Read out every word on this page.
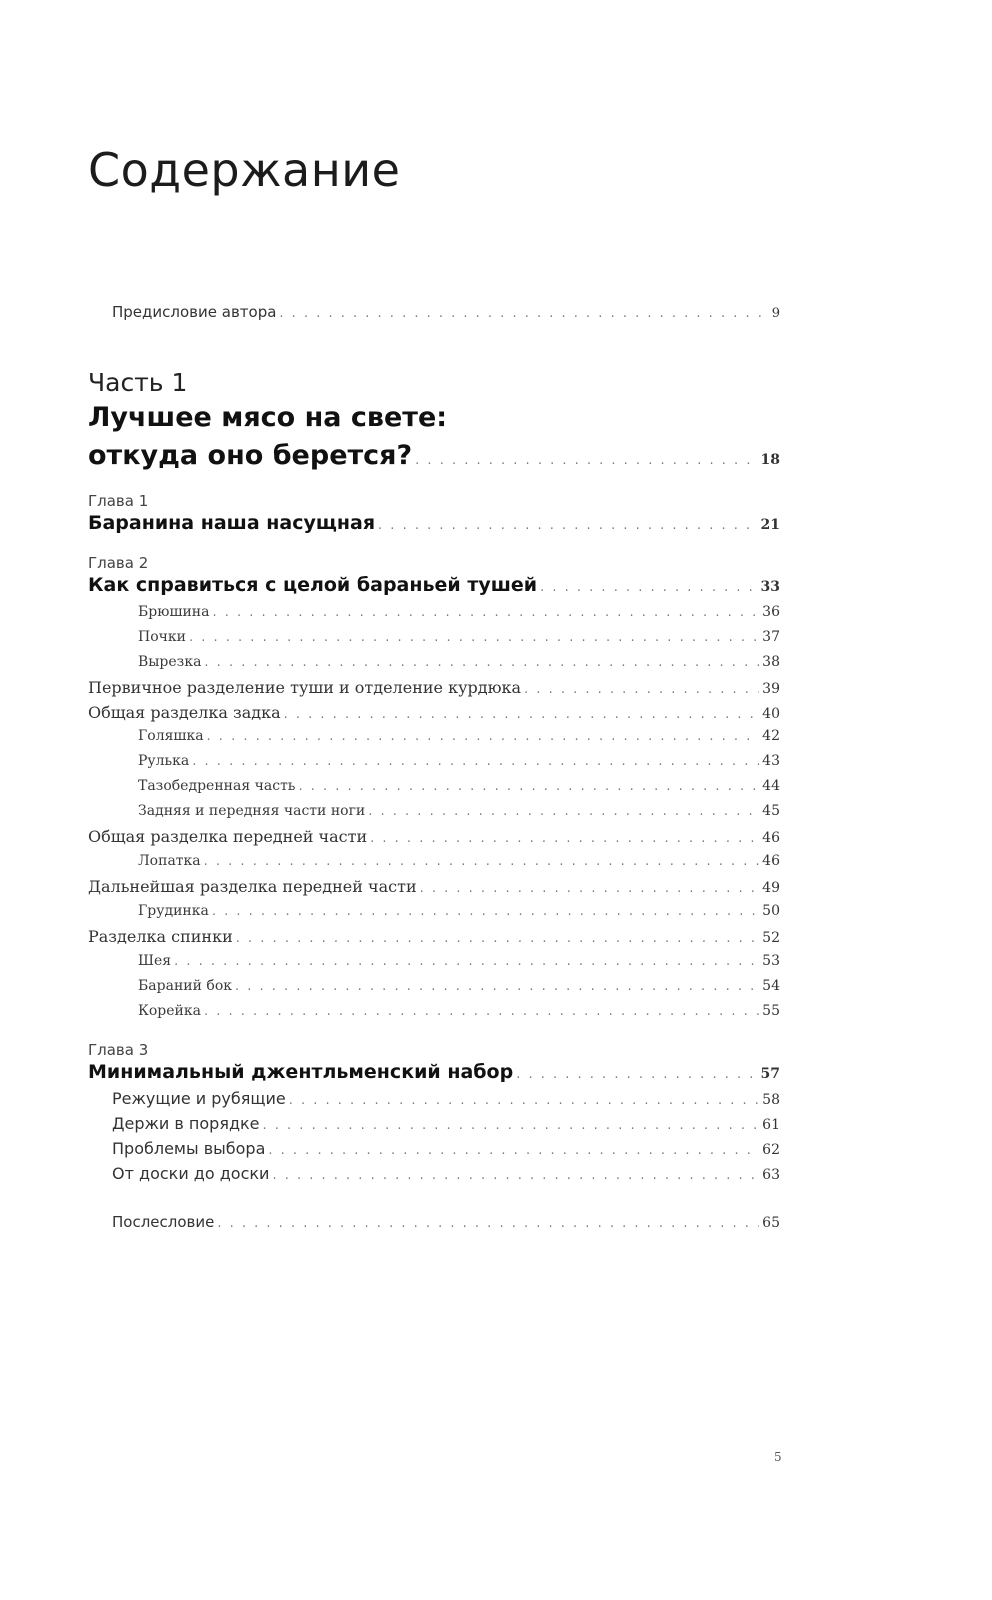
Содержание
Предисловие автора . . .	9
Часть 1
Лучшее мясо на свете:
откуда оно берется? . . .	18
Глава 1
Баранина наша насущная . . .	21
Глава 2
Как справиться с целой бараньей тушей . . .	33
Брюшина . . .	36
Почки . . .	37
Вырезка . . .	38
Первичное разделение туши и отделение курдюка . . .	39
Общая разделка задка . . .	40
Голяшка . . .	42
Рулька . . .	43
Тазобедренная часть . . .	44
Задняя и передняя части ноги . . .	45
Общая разделка передней части . . .	46
Лопатка . . .	46
Дальнейшая разделка передней части . . .	49
Грудинка . . .	50
Разделка спинки . . .	52
Шея . . .	53
Бараний бок . . .	54
Корейка . . .	55
Глава 3
Минимальный джентльменский набор . . .	57
Режущие и рубящие . . .	58
Держи в порядке . . .	61
Проблемы выбора . . .	62
От доски до доски . . .	63
Послесловие . . .	65
5
